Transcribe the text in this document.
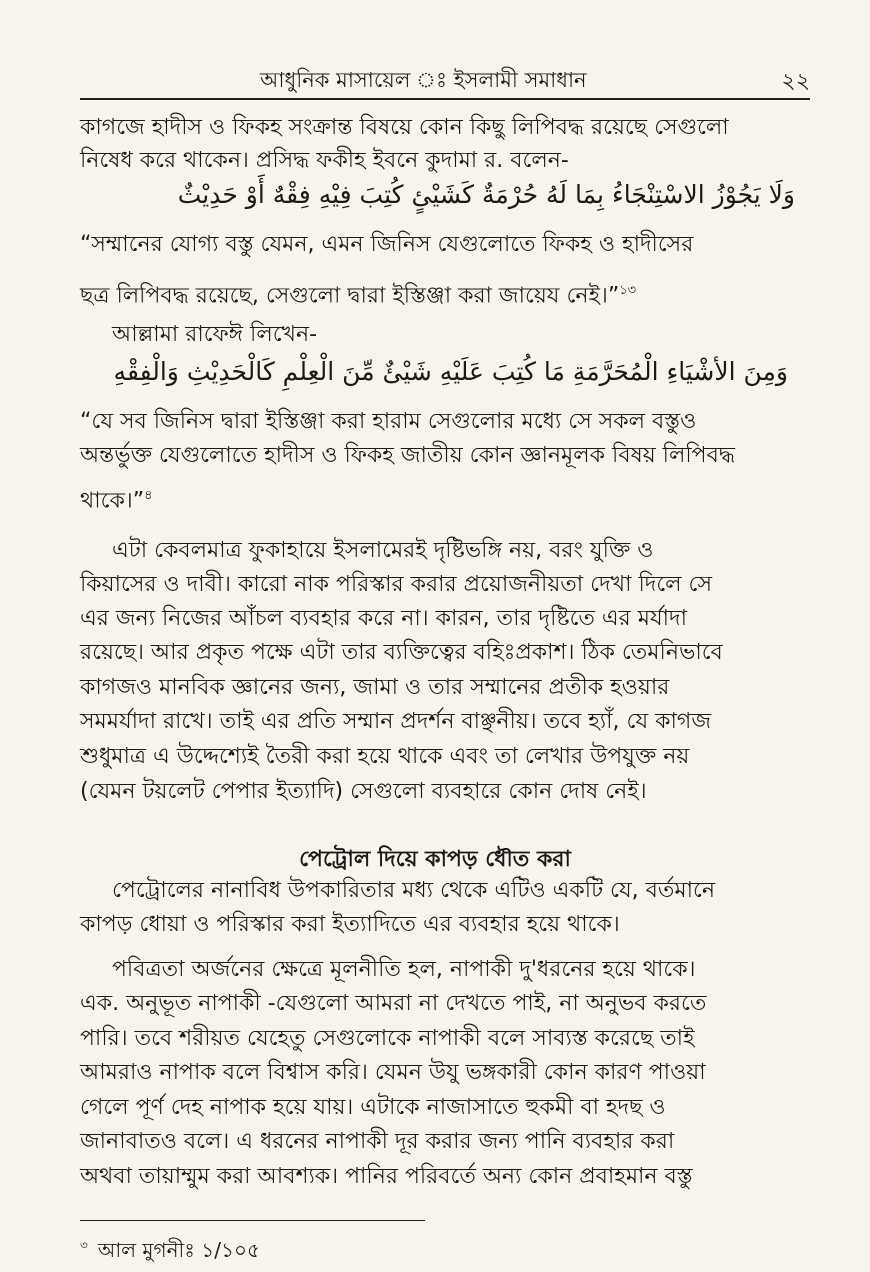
আধুনিক মাসায়েল ঃ ইসলামী সমাধান	২২
কাগজে হাদীস ও ফিকহ সংক্রান্ত বিষয়ে কোন কিছু লিপিবদ্ধ রয়েছে সেগুলো
নিষেধ করে থাকেন। প্রসিদ্ধ ফকীহ ইবনে কুদামা র. বলেন-
وَلَا يَجُوْزُ الاسْتِنْجَاءُ بِمَا لَهُ حُرْمَةٌ كَشَيْئٍ كُتِبَ فِيْهِ فِقْهٌ أَوْ حَدِيْثٌ
“সম্মানের যোগ্য বস্তু যেমন, এমন জিনিস যেগুলোতে ফিকহ ও হাদীসের
ছত্র লিপিবদ্ধ রয়েছে, সেগুলো দ্বারা ইস্তিঞ্জা করা জায়েয নেই।”$^{১৩}$
আল্লামা রাফেঈ লিখেন-
وَمِنَ الأشْيَاءِ الْمُحَرَّمَةِ مَا كُتِبَ عَلَيْهِ شَيْئٌ مِّنَ الْعِلْمِ كَالْحَدِيْثِ وَالْفِقْهِ
“যে সব জিনিস দ্বারা ইস্তিঞ্জা করা হারাম সেগুলোর মধ্যে সে সকল বস্তুও
অন্তর্ভুক্ত যেগুলোতে হাদীস ও ফিকহ জাতীয় কোন জ্ঞানমূলক বিষয় লিপিবদ্ধ
থাকে।”$^৪$
এটা কেবলমাত্র ফুকাহায়ে ইসলামেরই দৃষ্টিভঙ্গি নয়, বরং যুক্তি ও
কিয়াসের ও দাবী। কারো নাক পরিস্কার করার প্রয়োজনীয়তা দেখা দিলে সে
এর জন্য নিজের আঁচল ব্যবহার করে না। কারন, তার দৃষ্টিতে এর মর্যাদা
রয়েছে। আর প্রকৃত পক্ষে এটা তার ব্যক্তিত্বের বহিঃপ্রকাশ। ঠিক তেমনিভাবে
কাগজও মানবিক জ্ঞানের জন্য, জামা ও তার সম্মানের প্রতীক হওয়ার
সমমর্যাদা রাখে। তাই এর প্রতি সম্মান প্রদর্শন বাঞ্ছনীয়। তবে হ্যাঁ, যে কাগজ
শুধুমাত্র এ উদ্দেশ্যেই তৈরী করা হয়ে থাকে এবং তা লেখার উপযুক্ত নয়
(যেমন টয়লেট পেপার ইত্যাদি) সেগুলো ব্যবহারে কোন দোষ নেই।
পেট্রোল দিয়ে কাপড় ধৌত করা
পেট্রোলের নানাবিধ উপকারিতার মধ্য থেকে এটিও একটি যে, বর্তমানে
কাপড় ধোয়া ও পরিস্কার করা ইত্যাদিতে এর ব্যবহার হয়ে থাকে।
পবিত্রতা অর্জনের ক্ষেত্রে মূলনীতি হল, নাপাকী দু'ধরনের হয়ে থাকে।
এক. অনুভূত নাপাকী -যেগুলো আমরা না দেখতে পাই, না অনুভব করতে
পারি। তবে শরীয়ত যেহেতু সেগুলোকে নাপাকী বলে সাব্যস্ত করেছে তাই
আমরাও নাপাক বলে বিশ্বাস করি। যেমন উযু ভঙ্গকারী কোন কারণ পাওয়া
গেলে পূর্ণ দেহ নাপাক হয়ে যায়। এটাকে নাজাসাতে হুকমী বা হদছ ও
জানাবাতও বলে। এ ধরনের নাপাকী দূর করার জন্য পানি ব্যবহার করা
অথবা তায়াম্মুম করা আবশ্যক। পানির পরিবর্তে অন্য কোন প্রবাহমান বস্তু
$^৩$ আল মুগনীঃ ১/১০৫
